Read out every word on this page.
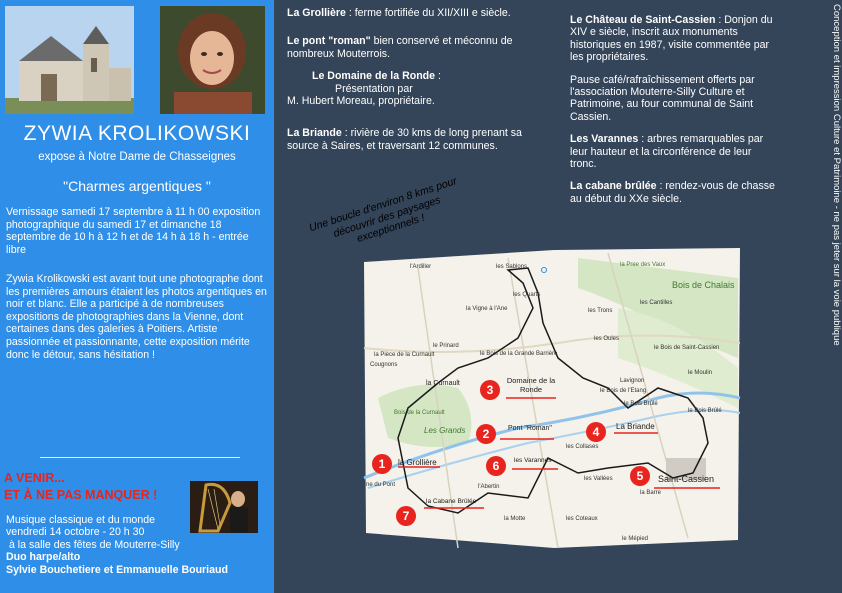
ZYWIA KROLIKOWSKI
expose à Notre Dame de Chasseignes
"Charmes argentiques "
Vernissage samedi 17 septembre à 11 h 00 exposition photographique du samedi 17 et dimanche 18 septembre de 10 h à 12 h et de 14 h à 18 h - entrée libre
Zywia Krolikowski est avant tout une photographe dont les premières amours étaient les photos argentiques en noir et blanc. Elle a participé à de nombreuses expositions de photographies dans la Vienne, dont certaines dans des galeries à Poitiers. Artiste passionnée et passionnante, cette exposition mérite donc le détour, sans hésitation !
A VENIR...
ET À NE PAS MANQUER !
Musique classique et du monde
vendredi 14 octobre - 20 h 30
à la salle des fêtes de Mouterre-Silly
Duo harpe/alto
Sylvie Bouchetiere et Emmanuelle Bouriaud

La Grollière : ferme fortifiée du XII/XIII e siècle.

Le pont "roman" bien conservé et méconnu de nombreux Mouterrois.

Le Domaine de la Ronde :
Présentation par
M. Hubert Moreau, propriétaire.

La Briande : rivière de 30 kms de long prenant sa source à Saires, et traversant 12 communes.

Le Château de Saint-Cassien : Donjon du XIV e siècle, inscrit aux monuments historiques en 1987, visite commentée par les propriétaires.

Pause café/rafraîchissement offerts par l'association Mouterre-Silly Culture et Patrimoine, au four communal de Saint Cassien.

Les Varannes : arbres remarquables par leur hauteur et la circonférence de leur tronc.

La cabane brûlée : rendez-vous de chasse au début du XXe siècle.	Conception et impression Culture et Patrimoine - ne pas jeter sur la voie publique
Une boucle d'environ 8 kms pour découvrir des paysages exceptionnels !
l'Ardiller	les Sablons	la Pree des Vaux
les Quarts
les Cantilles
la Vigne à l'Ane	les Trons
le Prinard
la Pièce de la Curnault	le Bois de la Grande Barrière
les Oules
le Bois de Saint-Cassien
Cougnons
le Moulin
Lavignon
le Bois de l'Etang
le Bois Brûlé
Bois de la Curnault	le Bois Brûlé
les Collases
les Vallées
ne du Pont	l'Abertin
la Barre
la Motte	les Coteaux
le Mépied
la Grollière
Pont "Roman"
Domaine de la Ronde
La Briande
Saint-Cassien
les Varannes
la Cabane Brûlée
la Curnault
Les Grands
Bois de Chalais
1
2
3
4
5
6
7
